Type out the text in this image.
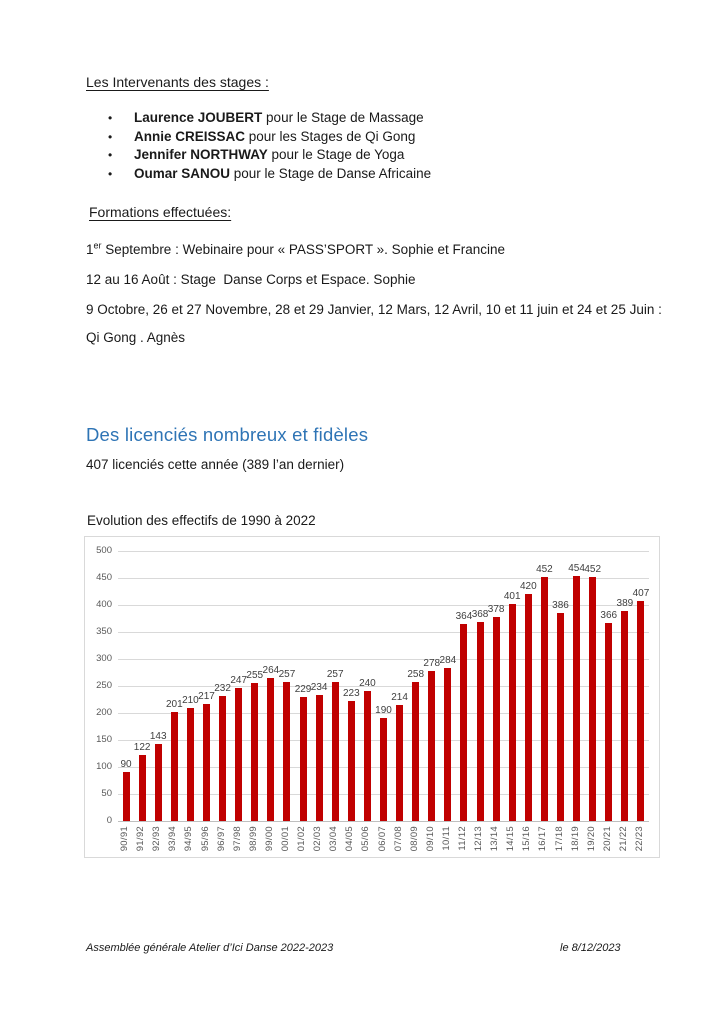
Les Intervenants des stages :
•	Laurence JOUBERT pour le Stage de Massage
•	Annie CREISSAC pour les Stages de Qi Gong
•	Jennifer NORTHWAY pour le Stage de Yoga
•	Oumar SANOU pour le Stage de Danse Africaine
Formations effectuées:
1er Septembre : Webinaire pour « PASS’SPORT ». Sophie et Francine
12 au 16 Août : Stage  Danse Corps et Espace. Sophie
9 Octobre, 26 et 27 Novembre, 28 et 29 Janvier, 12 Mars, 12 Avril, 10 et 11 juin et 24 et 25 Juin :
Qi Gong . Agnès
Des licenciés nombreux et fidèles
407 licenciés cette année (389 l’an dernier)
Evolution des effectifs de 1990 à 2022
0
50
100
150
200
250
300
350
400
450
500
90
90/91
122
91/92
143
92/93
201
93/94
210
94/95
217
95/96
232
96/97
247
97/98
255
98/99
264
99/00
257
00/01
229
01/02
234
02/03
257
03/04
223
04/05
240
05/06
190
06/07
214
07/08
258
08/09
278
09/10
284
10/11
364
11/12
368
12/13
378
13/14
401
14/15
420
15/16
452
16/17
386
17/18
454
18/19
452
19/20
366
20/21
389
21/22
407
22/23
Assemblée générale Atelier d’Ici Danse 2022-2023	le 8/12/2023
